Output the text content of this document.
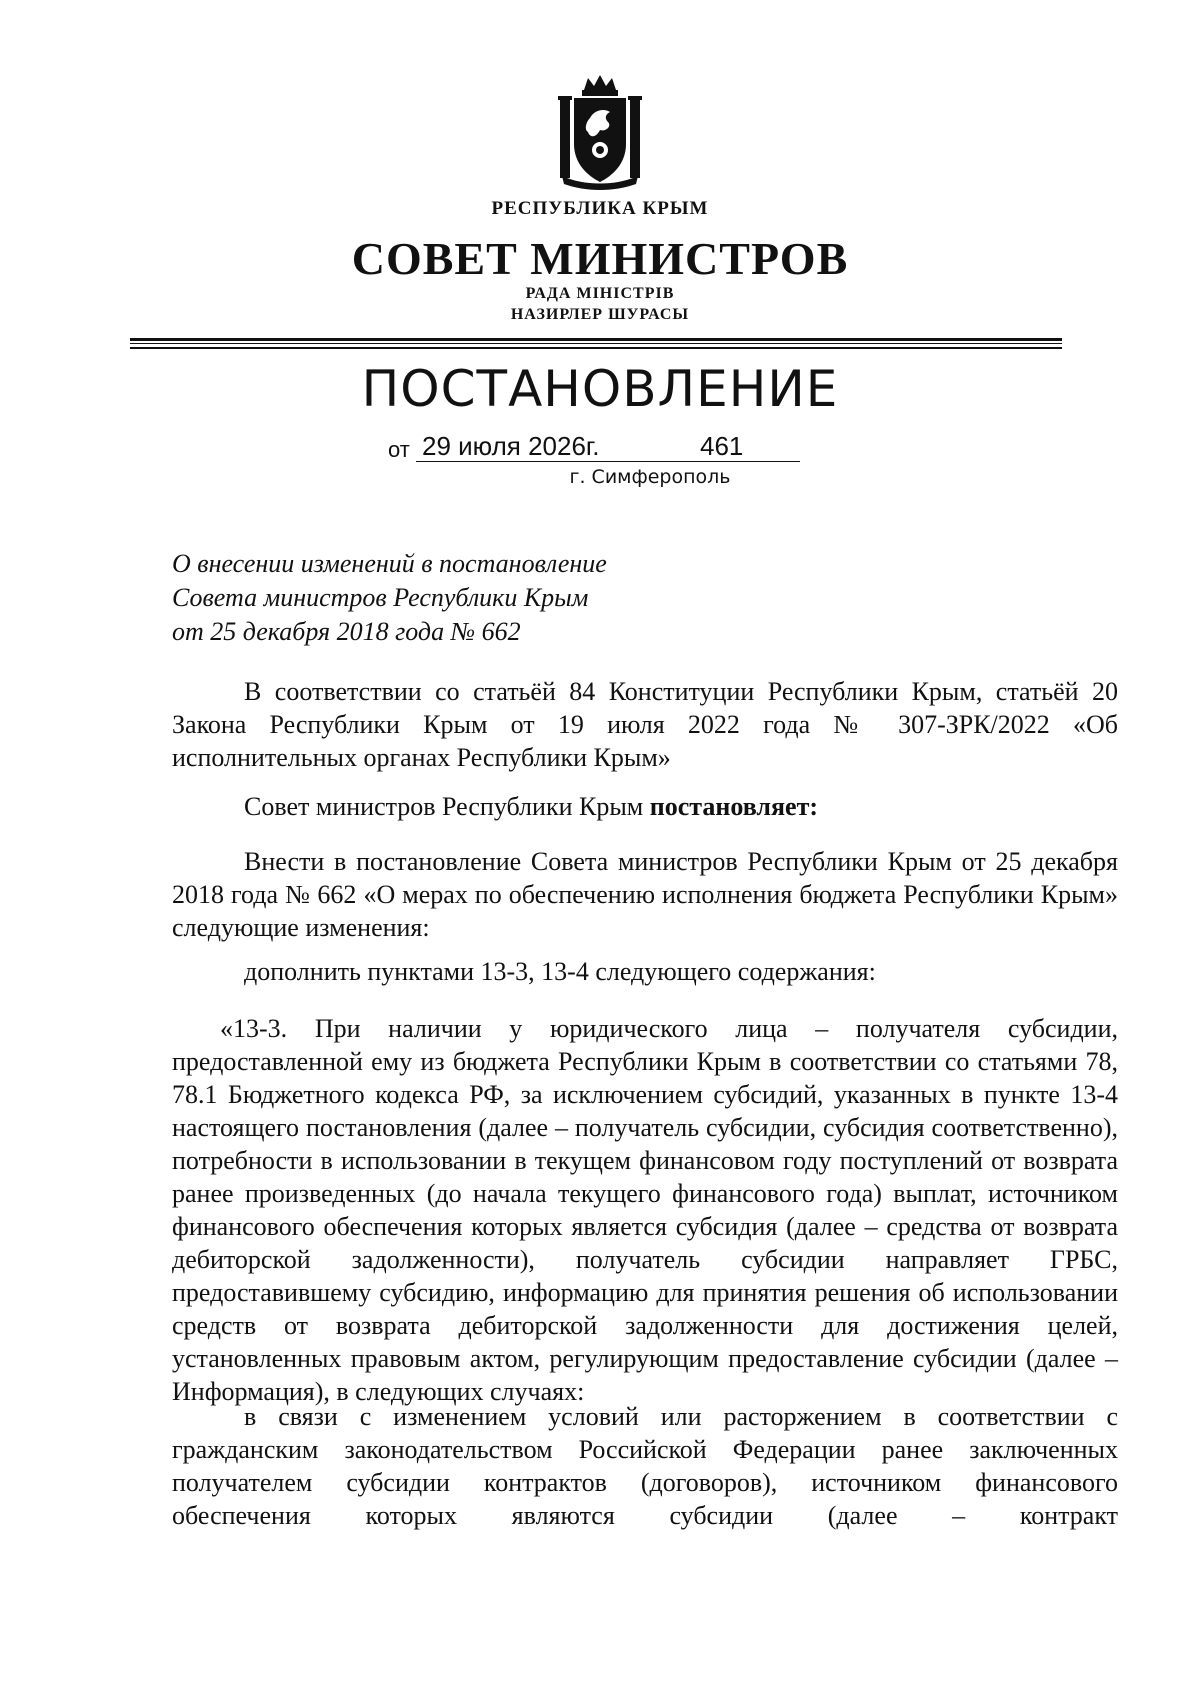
РЕСПУБЛИКА КРЫМ
СОВЕТ МИНИСТРОВ
РАДА МІНІСТРІВ
НАЗИРЛЕР ШУРАСЫ
ПОСТАНОВЛЕНИЕ
от 29 июля 2026г.	461
г. Симферополь
О внесении изменений в постановление
Совета министров Республики Крым
от 25 декабря 2018 года № 662

В соответствии со статьёй 84 Конституции Республики Крым, статьёй 20 Закона Республики Крым от 19 июля 2022 года № 307-ЗРК/2022 «Об исполнительных органах Республики Крым»

Совет министров Республики Крым постановляет:

Внести в постановление Совета министров Республики Крым от 25 декабря 2018 года № 662 «О мерах по обеспечению исполнения бюджета Республики Крым» следующие изменения:

дополнить пунктами 13-3, 13-4 следующего содержания:

«13-3. При наличии у юридического лица – получателя субсидии, предоставленной ему из бюджета Республики Крым в соответствии со статьями 78, 78.1 Бюджетного кодекса РФ, за исключением субсидий, указанных в пункте 13-4 настоящего постановления (далее – получатель субсидии, субсидия соответственно), потребности в использовании в текущем финансовом году поступлений от возврата ранее произведенных (до начала текущего финансового года) выплат, источником финансового обеспечения которых является субсидия (далее – средства от возврата дебиторской задолженности), получатель субсидии направляет ГРБС, предоставившему субсидию, информацию для принятия решения об использовании средств от возврата дебиторской задолженности для достижения целей, установленных правовым актом, регулирующим предоставление субсидии (далее – Информация), в следующих случаях:

в связи с изменением условий или расторжением в соответствии с гражданским законодательством Российской Федерации ранее заключенных получателем субсидии контрактов (договоров), источником финансового обеспечения которых являются субсидии (далее – контракт
